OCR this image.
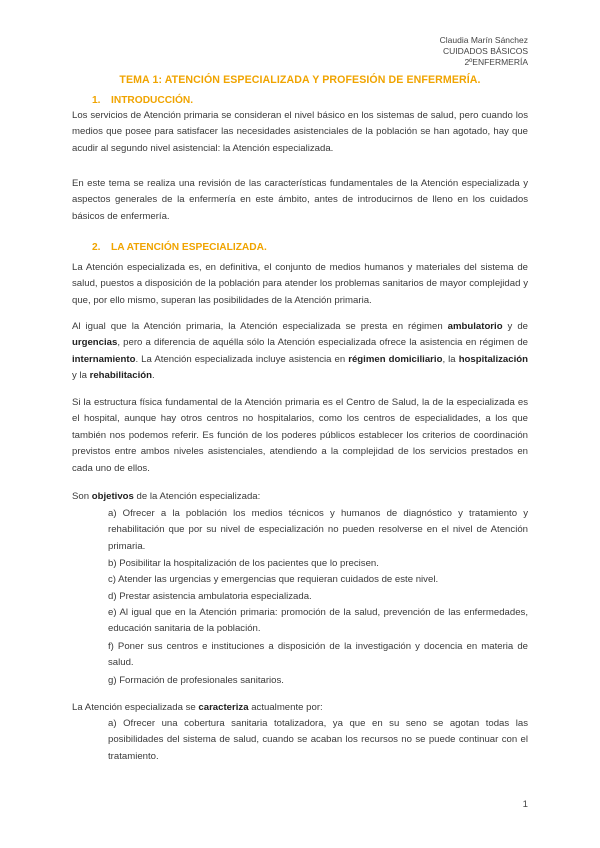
Claudia Marín Sánchez
CUIDADOS BÁSICOS
2ºENFERMERÍA
TEMA 1: ATENCIÓN ESPECIALIZADA Y PROFESIÓN DE ENFERMERÍA.
1. INTRODUCCIÓN.

Los servicios de Atención primaria se consideran el nivel básico en los sistemas de salud, pero cuando los medios que posee para satisfacer las necesidades asistenciales de la población se han agotado, hay que acudir al segundo nivel asistencial: la Atención especializada.

En este tema se realiza una revisión de las características fundamentales de la Atención especializada y aspectos generales de la enfermería en este ámbito, antes de introducirnos de lleno en los cuidados básicos de enfermería.

2. LA ATENCIÓN ESPECIALIZADA.

La Atención especializada es, en definitiva, el conjunto de medios humanos y materiales del sistema de salud, puestos a disposición de la población para atender los problemas sanitarios de mayor complejidad y que, por ello mismo, superan las posibilidades de la Atención primaria.

Al igual que la Atención primaria, la Atención especializada se presta en régimen ambulatorio y de urgencias, pero a diferencia de aquélla sólo la Atención especializada ofrece la asistencia en régimen de internamiento. La Atención especializada incluye asistencia en régimen domiciliario, la hospitalización y la rehabilitación.

Si la estructura física fundamental de la Atención primaria es el Centro de Salud, la de la especializada es el hospital, aunque hay otros centros no hospitalarios, como los centros de especialidades, a los que también nos podemos referir. Es función de los poderes públicos establecer los criterios de coordinación previstos entre ambos niveles asistenciales, atendiendo a la complejidad de los servicios prestados en cada uno de ellos.

Son objetivos de la Atención especializada:

a) Ofrecer a la población los medios técnicos y humanos de diagnóstico y tratamiento y rehabilitación que por su nivel de especialización no pueden resolverse en el nivel de Atención primaria.

b) Posibilitar la hospitalización de los pacientes que lo precisen.

c) Atender las urgencias y emergencias que requieran cuidados de este nivel.

d) Prestar asistencia ambulatoria especializada.

e) Al igual que en la Atención primaria: promoción de la salud, prevención de las enfermedades, educación sanitaria de la población.

f) Poner sus centros e instituciones a disposición de la investigación y docencia en materia de salud.

g) Formación de profesionales sanitarios.

La Atención especializada se caracteriza actualmente por:

a) Ofrecer una cobertura sanitaria totalizadora, ya que en su seno se agotan todas las posibilidades del sistema de salud, cuando se acaban los recursos no se puede continuar con el tratamiento.

1
